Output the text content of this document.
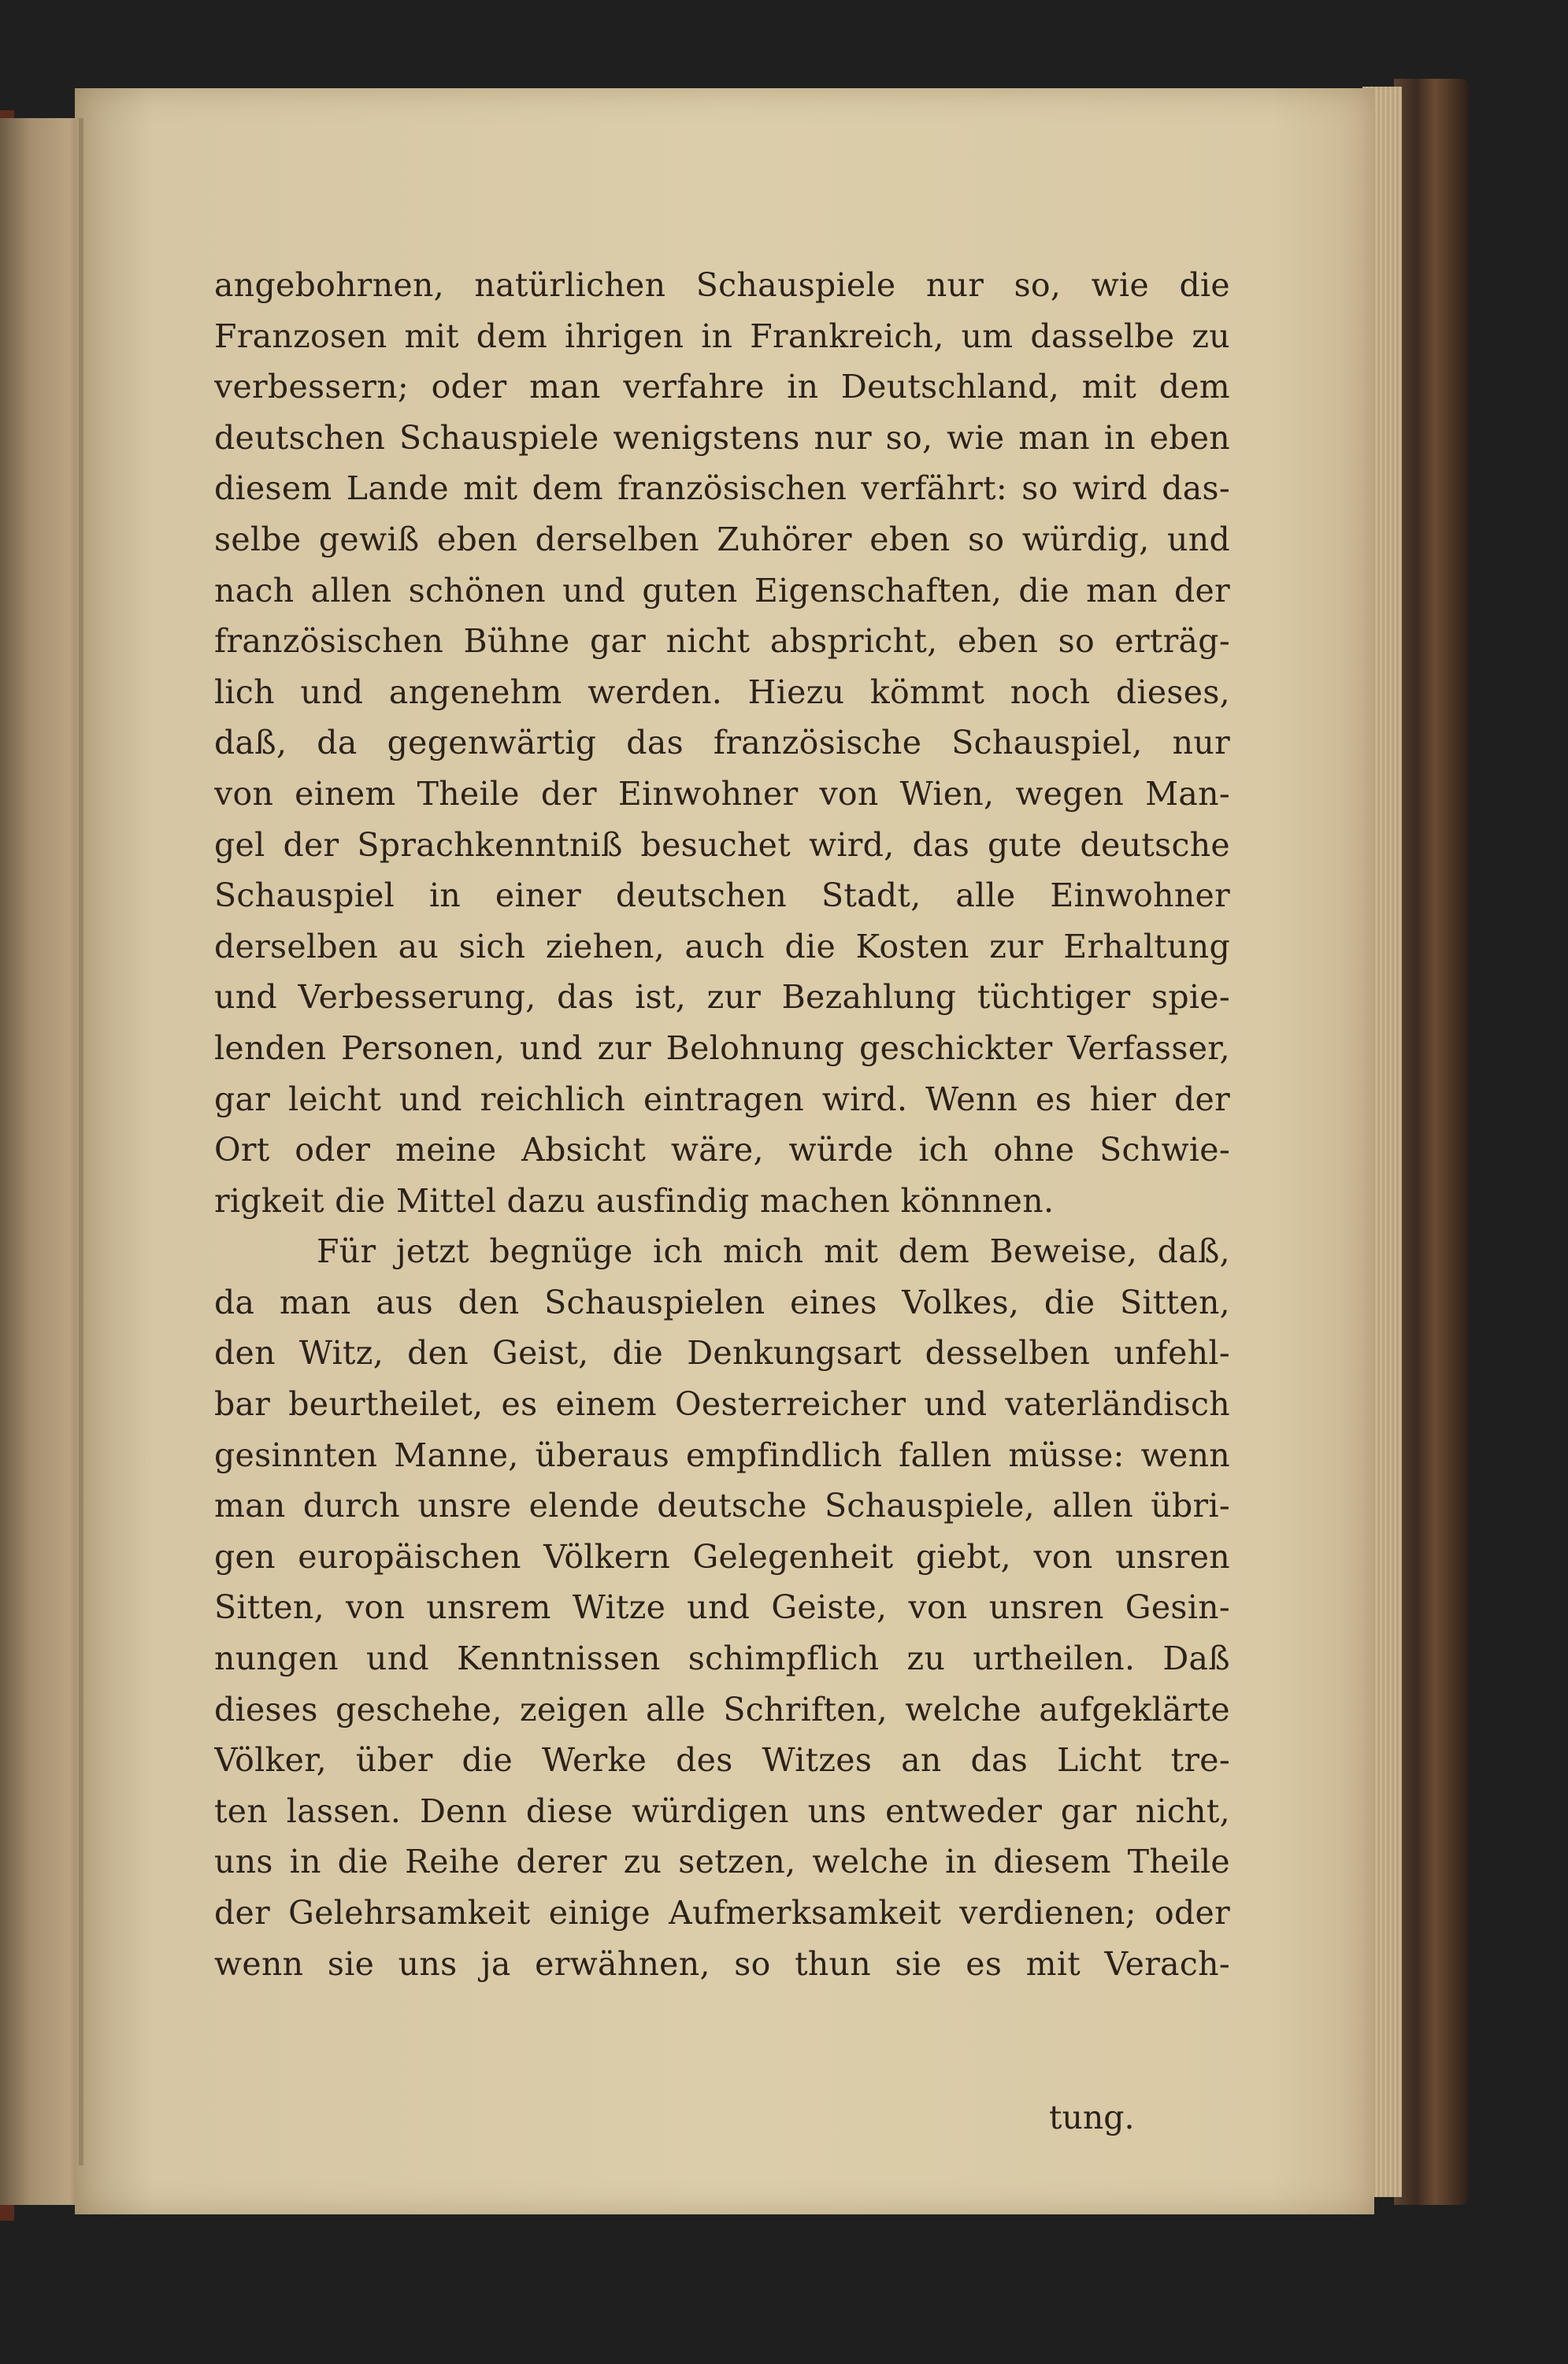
angebohrnen, natürlichen Schauspiele nur so, wie die
Franzosen mit dem ihrigen in Frankreich, um dasselbe zu
verbessern; oder man verfahre in Deutschland, mit dem
deutschen Schauspiele wenigstens nur so, wie man in eben
diesem Lande mit dem französischen verfährt: so wird das-
selbe gewiß eben derselben Zuhörer eben so würdig, und
nach allen schönen und guten Eigenschaften, die man der
französischen Bühne gar nicht abspricht, eben so erträg-
lich und angenehm werden. Hiezu kömmt noch dieses,
daß, da gegenwärtig das französische Schauspiel, nur
von einem Theile der Einwohner von Wien, wegen Man-
gel der Sprachkenntniß besuchet wird, das gute deutsche
Schauspiel in einer deutschen Stadt, alle Einwohner
derselben au sich ziehen, auch die Kosten zur Erhaltung
und Verbesserung, das ist, zur Bezahlung tüchtiger spie-
lenden Personen, und zur Belohnung geschickter Verfasser,
gar leicht und reichlich eintragen wird. Wenn es hier der
Ort oder meine Absicht wäre, würde ich ohne Schwie-
rigkeit die Mittel dazu ausfindig machen könnnen.
Für jetzt begnüge ich mich mit dem Beweise, daß,
da man aus den Schauspielen eines Volkes, die Sitten,
den Witz, den Geist, die Denkungsart desselben unfehl-
bar beurtheilet, es einem Oesterreicher und vaterländisch
gesinnten Manne, überaus empfindlich fallen müsse: wenn
man durch unsre elende deutsche Schauspiele, allen übri-
gen europäischen Völkern Gelegenheit giebt, von unsren
Sitten, von unsrem Witze und Geiste, von unsren Gesin-
nungen und Kenntnissen schimpflich zu urtheilen. Daß
dieses geschehe, zeigen alle Schriften, welche aufgeklärte
Völker, über die Werke des Witzes an das Licht tre-
ten lassen. Denn diese würdigen uns entweder gar nicht,
uns in die Reihe derer zu setzen, welche in diesem Theile
der Gelehrsamkeit einige Aufmerksamkeit verdienen; oder
wenn sie uns ja erwähnen, so thun sie es mit Verach-
tung.
